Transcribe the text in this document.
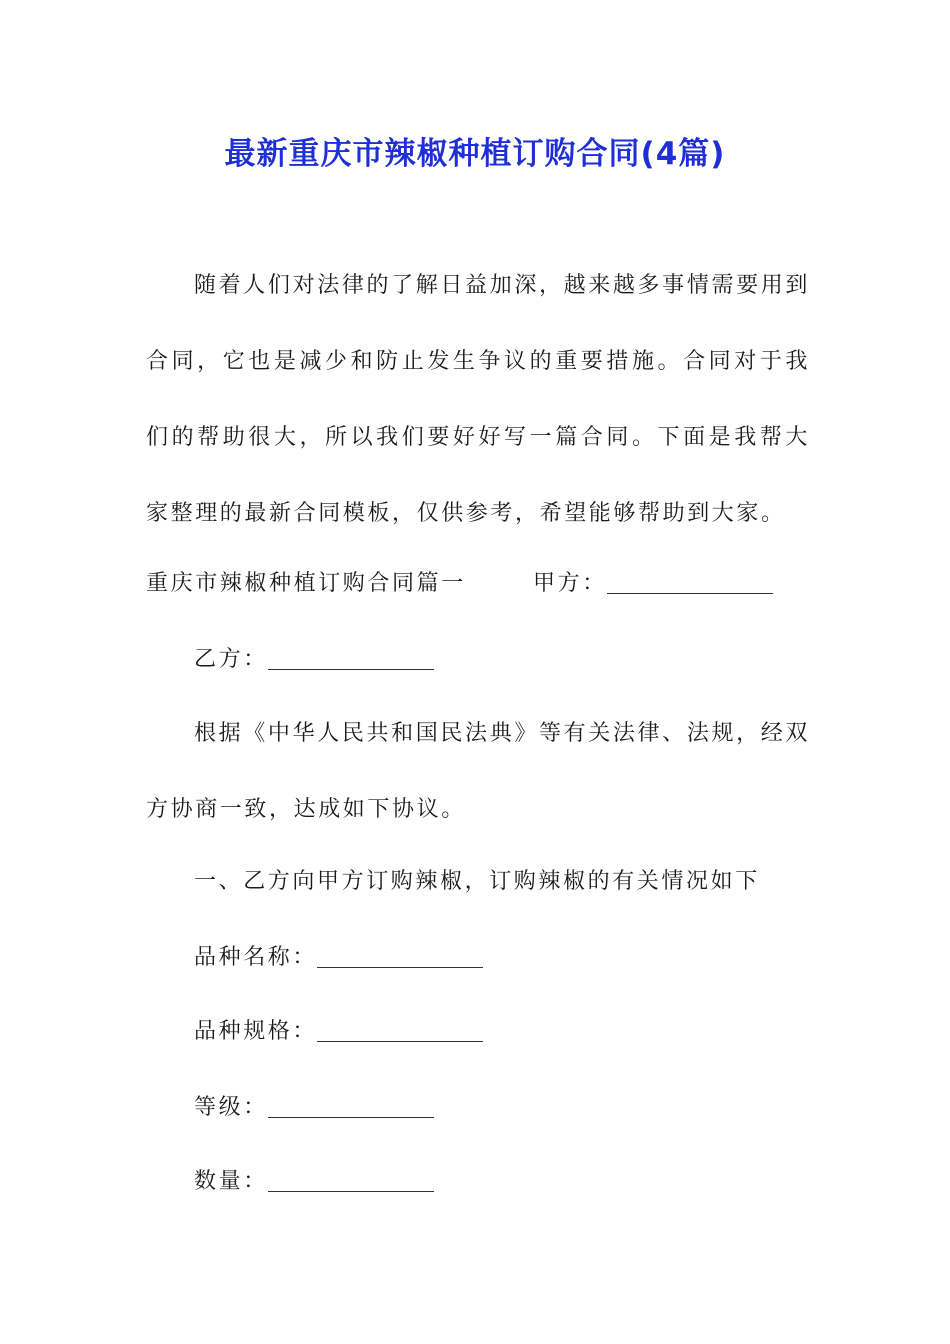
最新重庆市辣椒种植订购合同(4篇)

随着人们对法律的了解日益加深，越来越多事情需要用到合同，它也是减少和防止发生争议的重要措施。合同对于我们的帮助很大，所以我们要好好写一篇合同。下面是我帮大家整理的最新合同模板，仅供参考，希望能够帮助到大家。

重庆市辣椒种植订购合同篇一	甲方：
乙方：

根据《中华人民共和国民法典》等有关法律、法规，经双方协商一致，达成如下协议。

一、乙方向甲方订购辣椒，订购辣椒的有关情况如下
品种名称：
品种规格：
等级：
数量：
